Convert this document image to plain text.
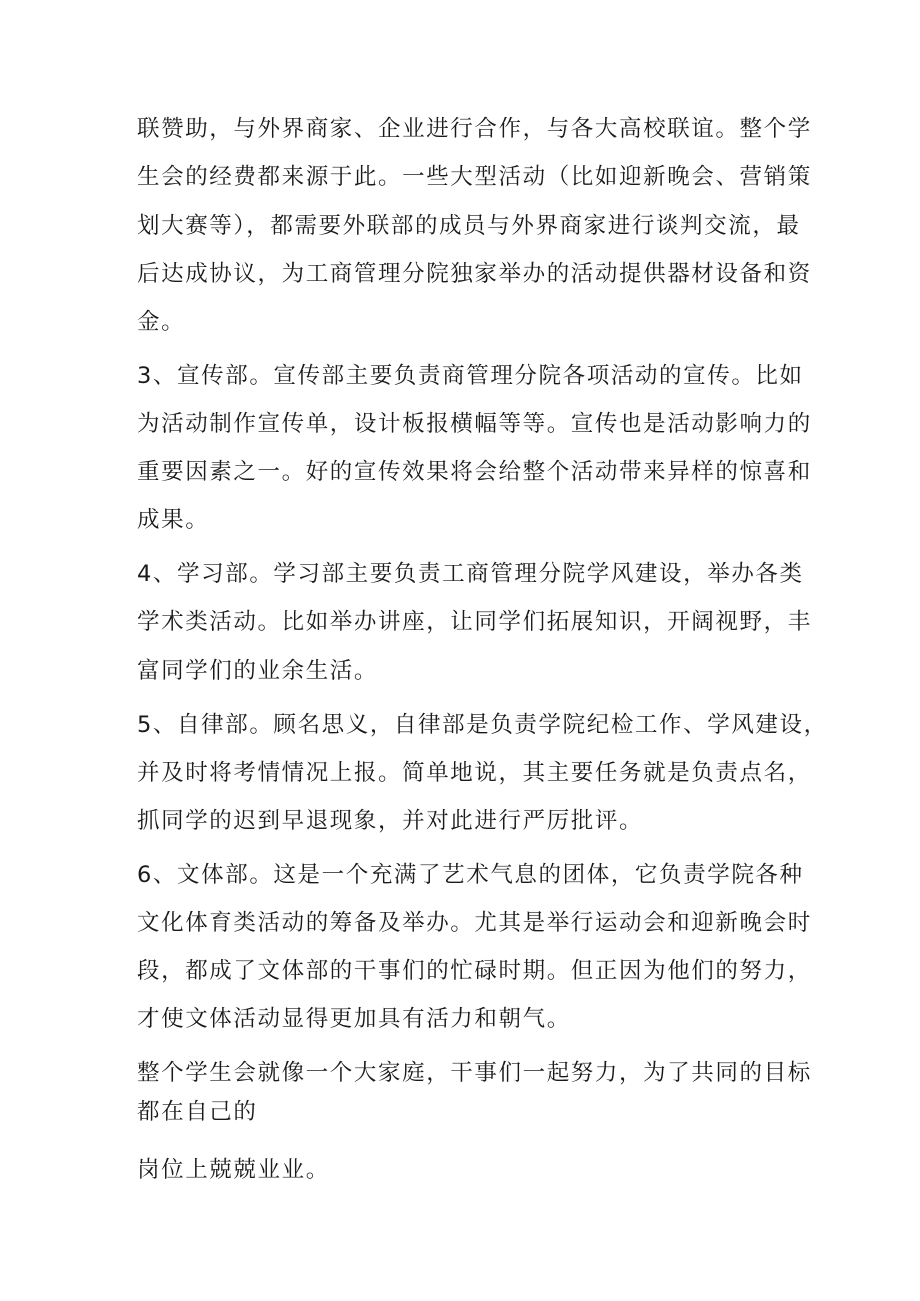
联赞助，与外界商家、企业进行合作，与各大高校联谊。整个学
生会的经费都来源于此。一些大型活动（比如迎新晚会、营销策
划大赛等），都需要外联部的成员与外界商家进行谈判交流，最
后达成协议，为工商管理分院独家举办的活动提供器材设备和资
金。
3、宣传部。宣传部主要负责商管理分院各项活动的宣传。比如
为活动制作宣传单，设计板报横幅等等。宣传也是活动影响力的
重要因素之一。好的宣传效果将会给整个活动带来异样的惊喜和
成果。
4、学习部。学习部主要负责工商管理分院学风建设，举办各类
学术类活动。比如举办讲座，让同学们拓展知识，开阔视野，丰
富同学们的业余生活。
5、自律部。顾名思义，自律部是负责学院纪检工作、学风建设，
并及时将考情情况上报。简单地说，其主要任务就是负责点名，
抓同学的迟到早退现象，并对此进行严厉批评。
6、文体部。这是一个充满了艺术气息的团体，它负责学院各种
文化体育类活动的筹备及举办。尤其是举行运动会和迎新晚会时
段，都成了文体部的干事们的忙碌时期。但正因为他们的努力，
才使文体活动显得更加具有活力和朝气。
整个学生会就像一个大家庭，干事们一起努力，为了共同的目标
都在自己的
岗位上兢兢业业。
